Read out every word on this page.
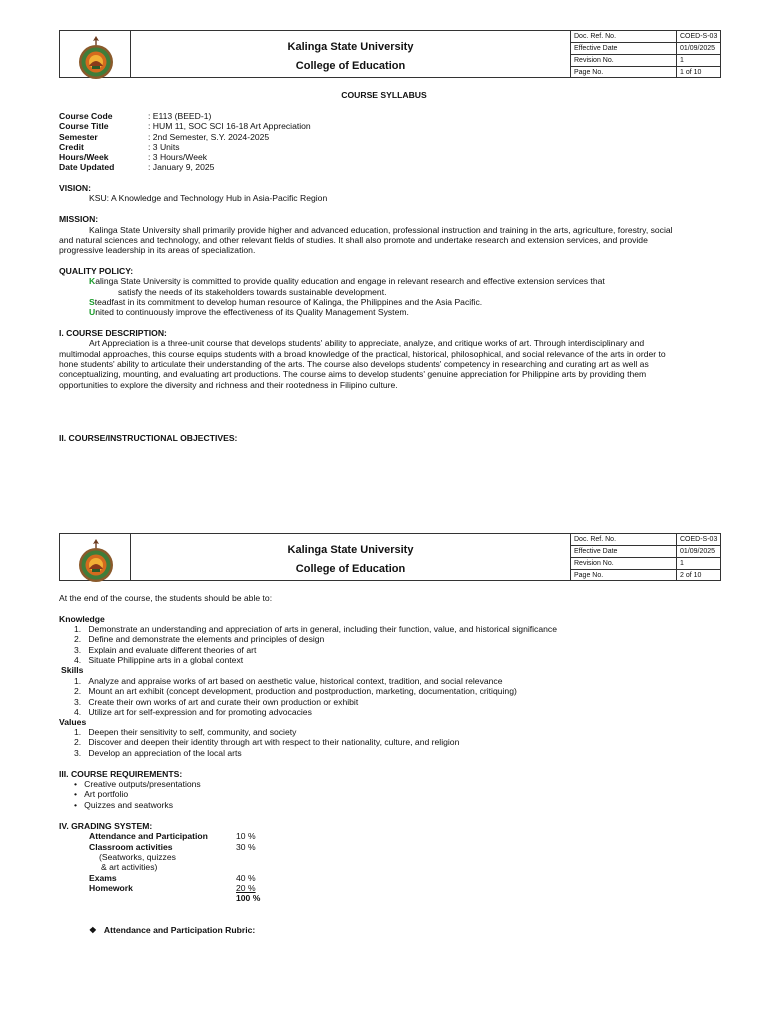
Kalinga State University
College of Education
Doc. Ref. No.	COED-S-03
Effective Date	01/09/2025
Revision No.	1
Page No.	1 of 10
COURSE SYLLABUS
Course Code	: E113 (BEED-1)
Course Title	: HUM 11, SOC SCI 16-18 Art Appreciation
Semester	: 2nd Semester, S.Y. 2024-2025
Credit	: 3 Units
Hours/Week	: 3 Hours/Week
Date Updated	: January 9, 2025
VISION:
KSU: A Knowledge and Technology Hub in Asia-Pacific Region
MISSION:
Kalinga State University shall primarily provide higher and advanced education, professional instruction and training in the arts, agriculture, forestry, social
and natural sciences and technology, and other relevant fields of studies. It shall also promote and undertake research and extension services, and provide
progressive leadership in its areas of specialization.
QUALITY POLICY:
Kalinga State University is committed to provide quality education and engage in relevant research and effective extension services that
satisfy the needs of its stakeholders towards sustainable development.
Steadfast in its commitment to develop human resource of Kalinga, the Philippines and the Asia Pacific.
United to continuously improve the effectiveness of its Quality Management System.
I. COURSE DESCRIPTION:
Art Appreciation is a three-unit course that develops students' ability to appreciate, analyze, and critique works of art. Through interdisciplinary and
multimodal approaches, this course equips students with a broad knowledge of the practical, historical, philosophical, and social relevance of the arts in order to
hone students' ability to articulate their understanding of the arts. The course also develops students' competency in researching and curating art as well as
conceptualizing, mounting, and evaluating art productions. The course aims to develop students' genuine appreciation for Philippine arts by providing them
opportunities to explore the diversity and richness and their rootedness in Filipino culture.
II. COURSE/INSTRUCTIONAL OBJECTIVES:
Kalinga State University
College of Education
Doc. Ref. No.	COED-S-03
Effective Date	01/09/2025
Revision No.	1
Page No.	2 of 10
At the end of the course, the students should be able to:
Knowledge
1.   Demonstrate an understanding and appreciation of arts in general, including their function, value, and historical significance
2.   Define and demonstrate the elements and principles of design
3.   Explain and evaluate different theories of art
4.   Situate Philippine arts in a global context
Skills
1.   Analyze and appraise works of art based on aesthetic value, historical context, tradition, and social relevance
2.   Mount an art exhibit (concept development, production and postproduction, marketing, documentation, critiquing)
3.   Create their own works of art and curate their own production or exhibit
4.   Utilize art for self-expression and for promoting advocacies
Values
1.   Deepen their sensitivity to self, community, and society
2.   Discover and deepen their identity through art with respect to their nationality, culture, and religion
3.   Develop an appreciation of the local arts
III. COURSE REQUIREMENTS:
•   Creative outputs/presentations
•   Art portfolio
•   Quizzes and seatworks
IV. GRADING SYSTEM:
Attendance and Participation	10 %
Classroom activities	30 %
(Seatworks, quizzes
& art activities)
Exams	40 %
Homework	20 %
100 %
❖ Attendance and Participation Rubric:
